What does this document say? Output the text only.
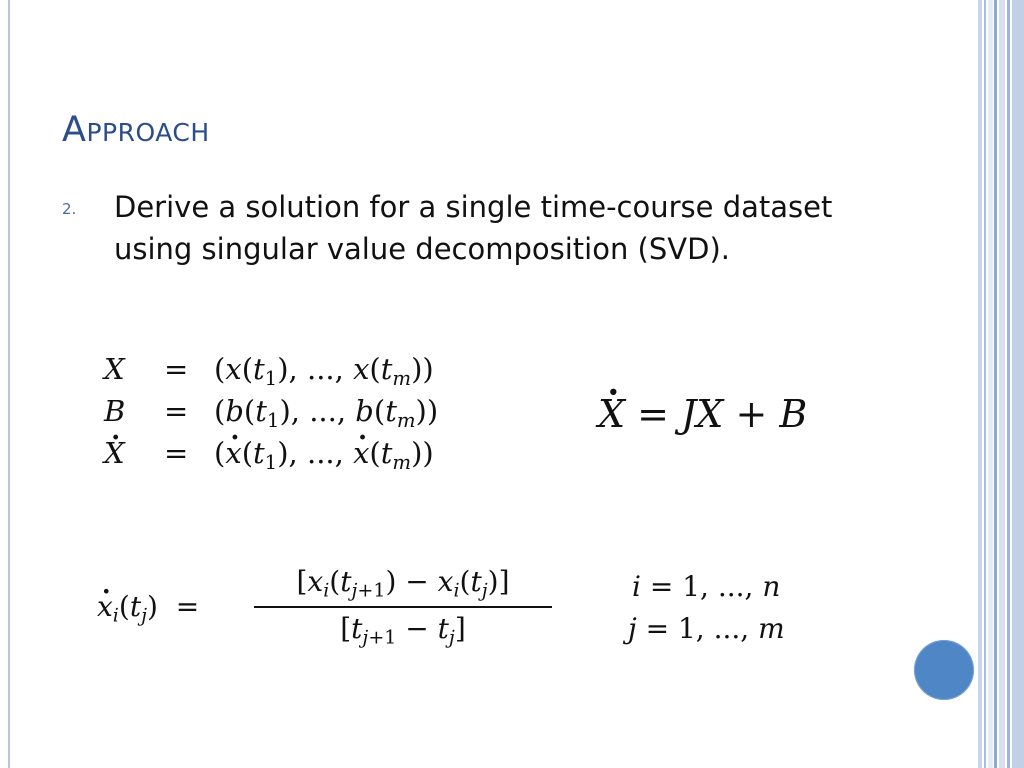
Approach
2. Derive a solution for a single time-course dataset using singular value decomposition (SVD).
$X = (x(t_1)$, ..., $x(t_m)$)
$B = (b(t_1)$, ..., $b(t_m)$)
X · = ($x \cdot(t_1)$, ..., $x \cdot(t_m)$)
X · = JX + B
$x \cdot_i(t_j)$  =
$[x_i(t_{j+1}) - x_i(t_j)]$
$[t_{j+1} - t_j]$
i = 1, ..., n
j = 1, ..., m
